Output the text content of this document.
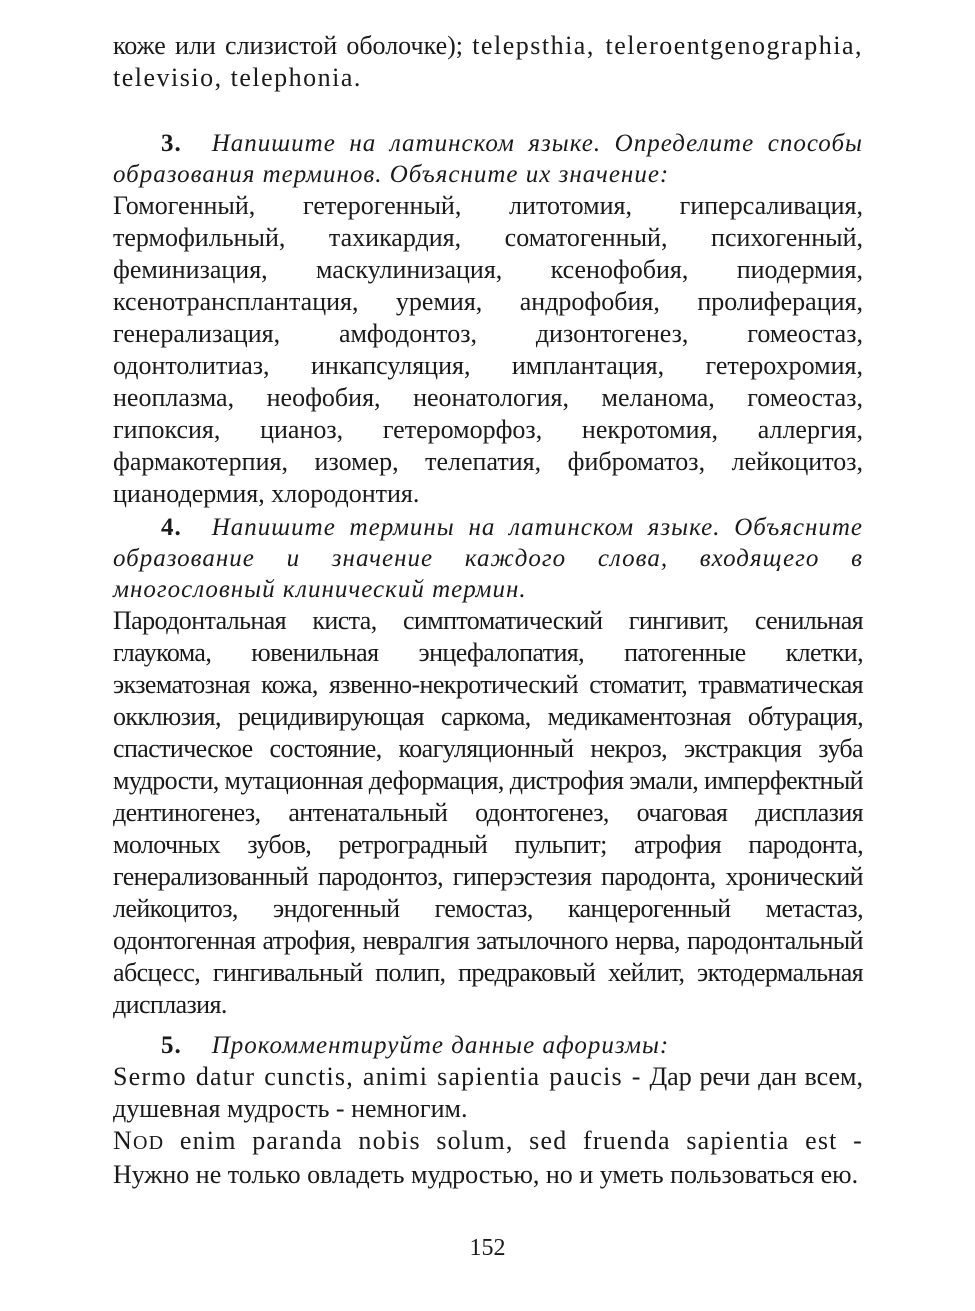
коже или слизистой оболочке); telepsthia, teleroentgenographia, televisio, telephonia.

3. Напишите на латинском языке. Определите способы образования терминов. Объясните их значение:

Гомогенный, гетерогенный, литотомия, гиперсаливация, термофильный, тахикардия, соматогенный, психогенный, феминизация, маскулинизация, ксенофобия, пиодермия, ксенотрансплантация, уремия, андрофобия, пролиферация, генерализация, амфодонтоз, дизонтогенез, гомеостаз, одонтолитиаз, инкапсуляция, имплантация, гетерохромия, неоплазма, неофобия, неонатология, меланома, гомеостаз, гипоксия, цианоз, гетероморфоз, некротомия, аллергия, фармакотерпия, изомер, телепатия, фиброматоз, лейкоцитоз, цианодермия, хлородонтия.

4. Напишите термины на латинском языке. Объясните образование и значение каждого слова, входящего в многословный клинический термин.

Пародонтальная киста, симптоматический гингивит, сенильная глаукома, ювенильная энцефалопатия, патогенные клетки, экзематозная кожа, язвенно-некротический стоматит, травматическая окклюзия, рецидивирующая саркома, медикаментозная обтурация, спастическое состояние, коагуляционный некроз, экстракция зуба мудрости, мутационная деформация, дистрофия эмали, имперфектный дентиногенез, антенатальный одонтогенез, очаговая дисплазия молочных зубов, ретроградный пульпит; атрофия пародонта, генерализованный пародонтоз, гиперэстезия пародонта, хронический лейкоцитоз, эндогенный гемостаз, канцерогенный метастаз, одонтогенная атрофия, невралгия затылочного нерва, пародонтальный абсцесс, гингивальный полип, предраковый хейлит, эктодермальная дисплазия.

5. Прокомментируйте данные афоризмы:

Sermo datur cunctis, animi sapientia paucis - Дар речи дан всем, душевная мудрость - немногим.

NOD enim paranda nobis solum, sed fruenda sapientia est - Нужно не только овладеть мудростью, но и уметь пользоваться ею.

152
